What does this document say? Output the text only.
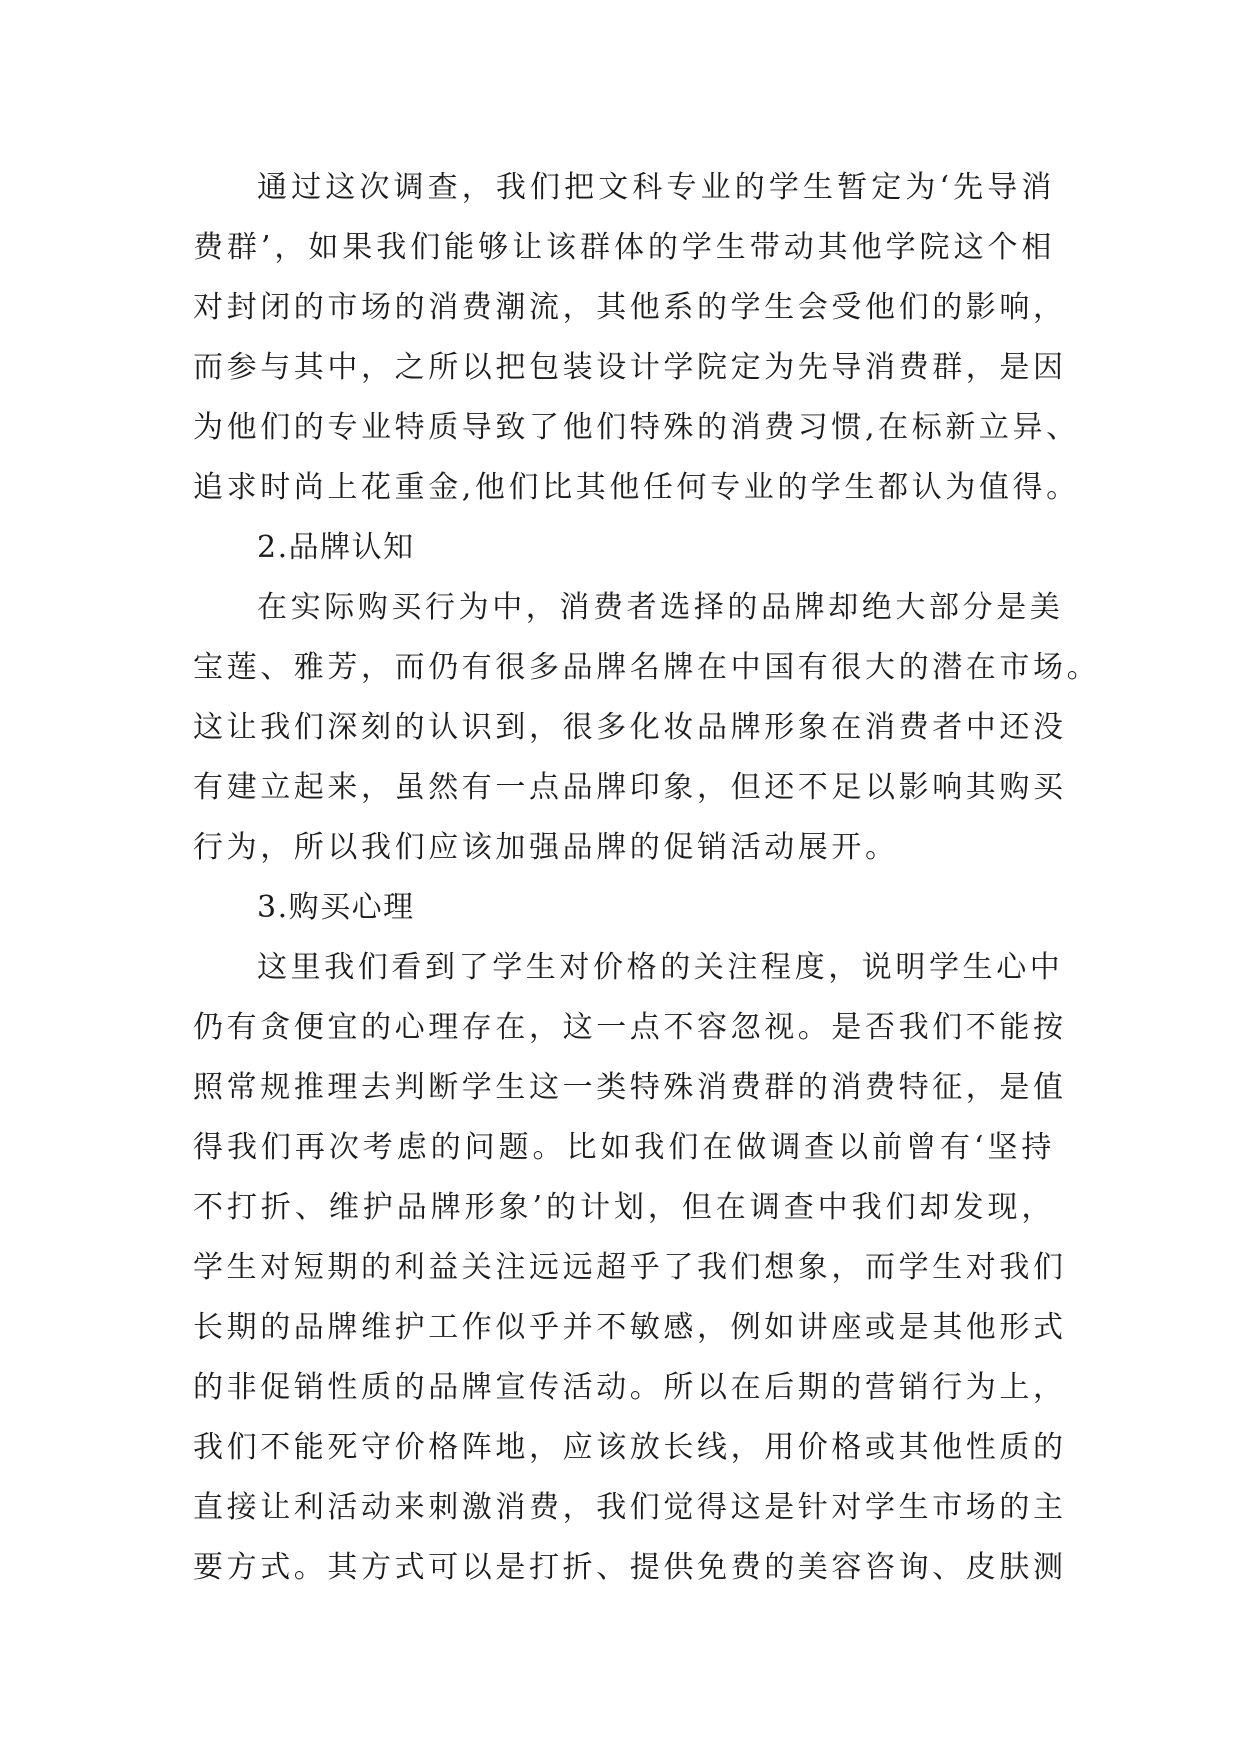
通过这次调查，我们把文科专业的学生暂定为‘先导消
费群’，如果我们能够让该群体的学生带动其他学院这个相
对封闭的市场的消费潮流，其他系的学生会受他们的影响，
而参与其中，之所以把包装设计学院定为先导消费群，是因
为他们的专业特质导致了他们特殊的消费习惯,在标新立异、
追求时尚上花重金,他们比其他任何专业的学生都认为值得。
2.品牌认知
在实际购买行为中，消费者选择的品牌却绝大部分是美
宝莲、雅芳，而仍有很多品牌名牌在中国有很大的潜在市场。
这让我们深刻的认识到，很多化妆品牌形象在消费者中还没
有建立起来，虽然有一点品牌印象，但还不足以影响其购买
行为，所以我们应该加强品牌的促销活动展开。
3.购买心理
这里我们看到了学生对价格的关注程度，说明学生心中
仍有贪便宜的心理存在，这一点不容忽视。是否我们不能按
照常规推理去判断学生这一类特殊消费群的消费特征，是值
得我们再次考虑的问题。比如我们在做调查以前曾有‘坚持
不打折、维护品牌形象’的计划，但在调查中我们却发现，
学生对短期的利益关注远远超乎了我们想象，而学生对我们
长期的品牌维护工作似乎并不敏感，例如讲座或是其他形式
的非促销性质的品牌宣传活动。所以在后期的营销行为上，
我们不能死守价格阵地，应该放长线，用价格或其他性质的
直接让利活动来刺激消费，我们觉得这是针对学生市场的主
要方式。其方式可以是打折、提供免费的美容咨询、皮肤测
